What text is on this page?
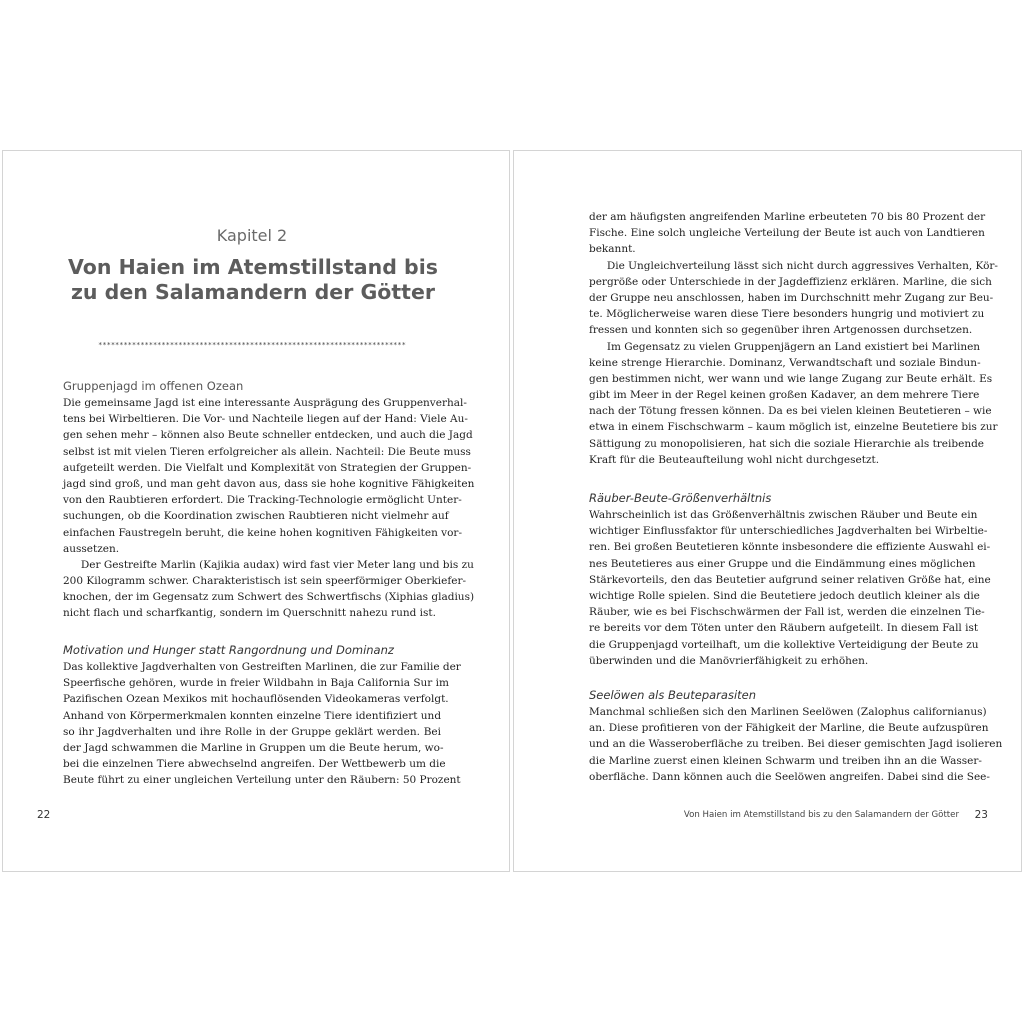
Kapitel 2
Von Haien im Atemstillstand bis
zu den Salamandern der Götter
*************************************************************************
Gruppenjagd im offenen Ozean
Die gemeinsame Jagd ist eine interessante Ausprägung des Gruppenverhal-
tens bei Wirbeltieren. Die Vor- und Nachteile liegen auf der Hand: Viele Au-
gen sehen mehr – können also Beute schneller entdecken, und auch die Jagd
selbst ist mit vielen Tieren erfolgreicher als allein. Nachteil: Die Beute muss
aufgeteilt werden. Die Vielfalt und Komplexität von Strategien der Gruppen-
jagd sind groß, und man geht davon aus, dass sie hohe kognitive Fähigkeiten
von den Raubtieren erfordert. Die Tracking-Technologie ermöglicht Unter-
suchungen, ob die Koordination zwischen Raubtieren nicht vielmehr auf
einfachen Faustregeln beruht, die keine hohen kognitiven Fähigkeiten vor-
aussetzen.
Der Gestreifte Marlin (Kajikia audax) wird fast vier Meter lang und bis zu
200 Kilogramm schwer. Charakteristisch ist sein speerförmiger Oberkiefer-
knochen, der im Gegensatz zum Schwert des Schwertfischs (Xiphias gladius)
nicht flach und scharfkantig, sondern im Querschnitt nahezu rund ist.
Motivation und Hunger statt Rangordnung und Dominanz
Das kollektive Jagdverhalten von Gestreiften Marlinen, die zur Familie der
Speerfische gehören, wurde in freier Wildbahn in Baja California Sur im
Pazifischen Ozean Mexikos mit hochauflösenden Videokameras verfolgt.
Anhand von Körpermerkmalen konnten einzelne Tiere identifiziert und
so ihr Jagdverhalten und ihre Rolle in der Gruppe geklärt werden. Bei
der Jagd schwammen die Marline in Gruppen um die Beute herum, wo-
bei die einzelnen Tiere abwechselnd angreifen. Der Wettbewerb um die
Beute führt zu einer ungleichen Verteilung unter den Räubern: 50 Prozent
22
der am häufigsten angreifenden Marline erbeuteten 70 bis 80 Prozent der
Fische. Eine solch ungleiche Verteilung der Beute ist auch von Landtieren
bekannt.
Die Ungleichverteilung lässt sich nicht durch aggressives Verhalten, Kör-
pergröße oder Unterschiede in der Jagdeffizienz erklären. Marline, die sich
der Gruppe neu anschlossen, haben im Durchschnitt mehr Zugang zur Beu-
te. Möglicherweise waren diese Tiere besonders hungrig und motiviert zu
fressen und konnten sich so gegenüber ihren Artgenossen durchsetzen.
Im Gegensatz zu vielen Gruppenjägern an Land existiert bei Marlinen
keine strenge Hierarchie. Dominanz, Verwandtschaft und soziale Bindun-
gen bestimmen nicht, wer wann und wie lange Zugang zur Beute erhält. Es
gibt im Meer in der Regel keinen großen Kadaver, an dem mehrere Tiere
nach der Tötung fressen können. Da es bei vielen kleinen Beutetieren – wie
etwa in einem Fischschwarm – kaum möglich ist, einzelne Beutetiere bis zur
Sättigung zu monopolisieren, hat sich die soziale Hierarchie als treibende
Kraft für die Beuteaufteilung wohl nicht durchgesetzt.
Räuber-Beute-Größenverhältnis
Wahrscheinlich ist das Größenverhältnis zwischen Räuber und Beute ein
wichtiger Einflussfaktor für unterschiedliches Jagdverhalten bei Wirbeltie-
ren. Bei großen Beutetieren könnte insbesondere die effiziente Auswahl ei-
nes Beutetieres aus einer Gruppe und die Eindämmung eines möglichen
Stärkevorteils, den das Beutetier aufgrund seiner relativen Größe hat, eine
wichtige Rolle spielen. Sind die Beutetiere jedoch deutlich kleiner als die
Räuber, wie es bei Fischschwärmen der Fall ist, werden die einzelnen Tie-
re bereits vor dem Töten unter den Räubern aufgeteilt. In diesem Fall ist
die Gruppenjagd vorteilhaft, um die kollektive Verteidigung der Beute zu
überwinden und die Manövrierfähigkeit zu erhöhen.
Seelöwen als Beuteparasiten
Manchmal schließen sich den Marlinen Seelöwen (Zalophus californianus)
an. Diese profitieren von der Fähigkeit der Marline, die Beute aufzuspüren
und an die Wasseroberfläche zu treiben. Bei dieser gemischten Jagd isolieren
die Marline zuerst einen kleinen Schwarm und treiben ihn an die Wasser-
oberfläche. Dann können auch die Seelöwen angreifen. Dabei sind die See-
Von Haien im Atemstillstand bis zu den Salamandern der Götter 23
